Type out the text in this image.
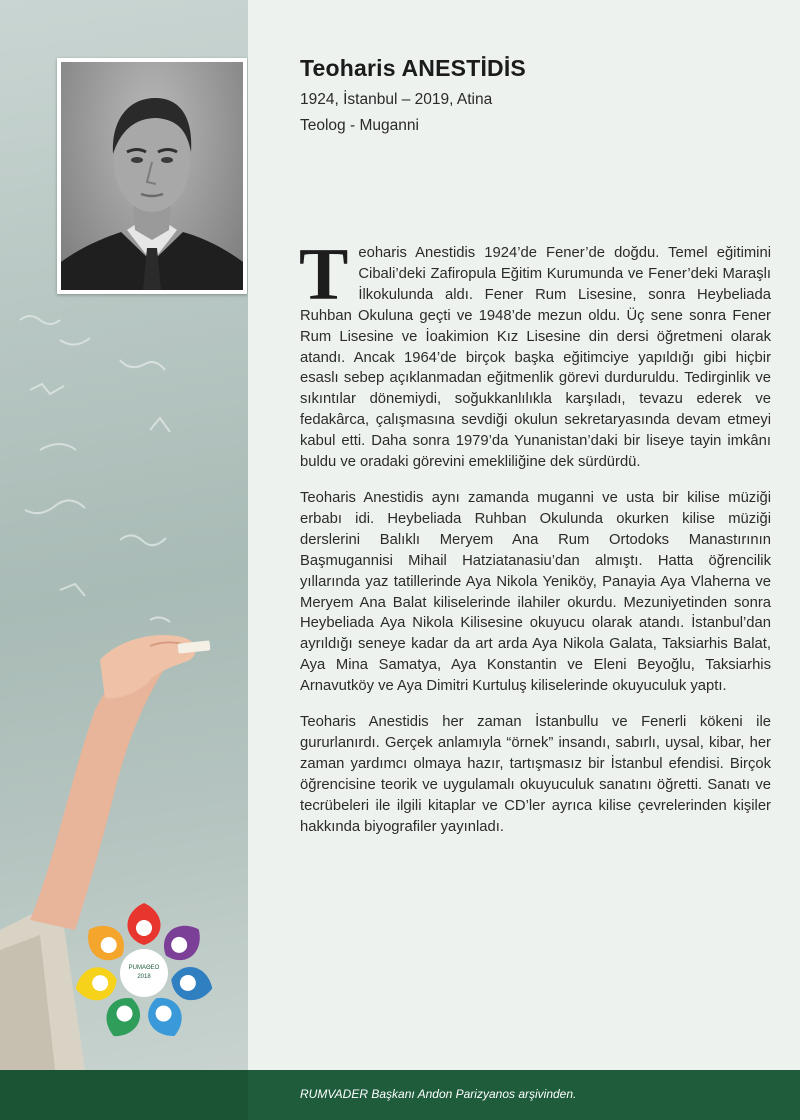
PUMAΘEO
2018
Teoharis ANESTİDİS
1924, İstanbul – 2019, Atina
Teolog - Muganni

Teoharis Anestidis 1924’de Fener’de doğdu. Temel eğitimini Cibali’deki Zafiropula Eğitim Kurumunda ve Fener’deki Maraşlı İlkokulunda aldı. Fener Rum Lisesine, sonra Heybeliada Ruhban Okuluna geçti ve 1948’de mezun oldu. Üç sene sonra Fener Rum Lisesine ve İoakimion Kız Lisesine din dersi öğretmeni olarak atandı. Ancak 1964’de birçok başka eğitimciye yapıldığı gibi hiçbir esaslı sebep açıklanmadan eğitmenlik görevi durduruldu. Tedirginlik ve sıkıntılar dönemiydi, soğukkanlılıkla karşıladı, tevazu ederek ve fedakârca, çalışmasına sevdiği okulun sekretaryasında devam etmeyi kabul etti. Daha sonra 1979’da Yunanistan’daki bir liseye tayin imkânı buldu ve oradaki görevini emekliliğine dek sürdürdü.

Teoharis Anestidis aynı zamanda muganni ve usta bir kilise müziği erbabı idi. Heybeliada Ruhban Okulunda okurken kilise müziği derslerini Balıklı Meryem Ana Rum Ortodoks Manastırının Başmugannisi Mihail Hatziatanasiu’dan almıştı. Hatta öğrencilik yıllarında yaz tatillerinde Aya Nikola Yeniköy, Panayia Aya Vlaherna ve Meryem Ana Balat kiliselerinde ilahiler okurdu. Mezuniyetinden sonra Heybeliada Aya Nikola Kilisesine okuyucu olarak atandı. İstanbul’dan ayrıldığı seneye kadar da art arda Aya Nikola Galata, Taksiarhis Balat, Aya Mina Samatya, Aya Konstantin ve Eleni Beyoğlu, Taksiarhis Arnavutköy ve Aya Dimitri Kurtuluş kiliselerinde okuyuculuk yaptı.

Teoharis Anestidis her zaman İstanbullu ve Fenerli kökeni ile gururlanırdı. Gerçek anlamıyla “örnek” insandı, sabırlı, uysal, kibar, her zaman yardımcı olmaya hazır, tartışmasız bir İstanbul efendisi. Birçok öğrencisine teorik ve uygulamalı okuyuculuk sanatını öğretti. Sanatı ve tecrübeleri ile ilgili kitaplar ve CD’ler ayrıca kilise çevrelerinden kişiler hakkında biyografiler yayınladı.

RUMVADER Başkanı Andon Parizyanos arşivinden.
